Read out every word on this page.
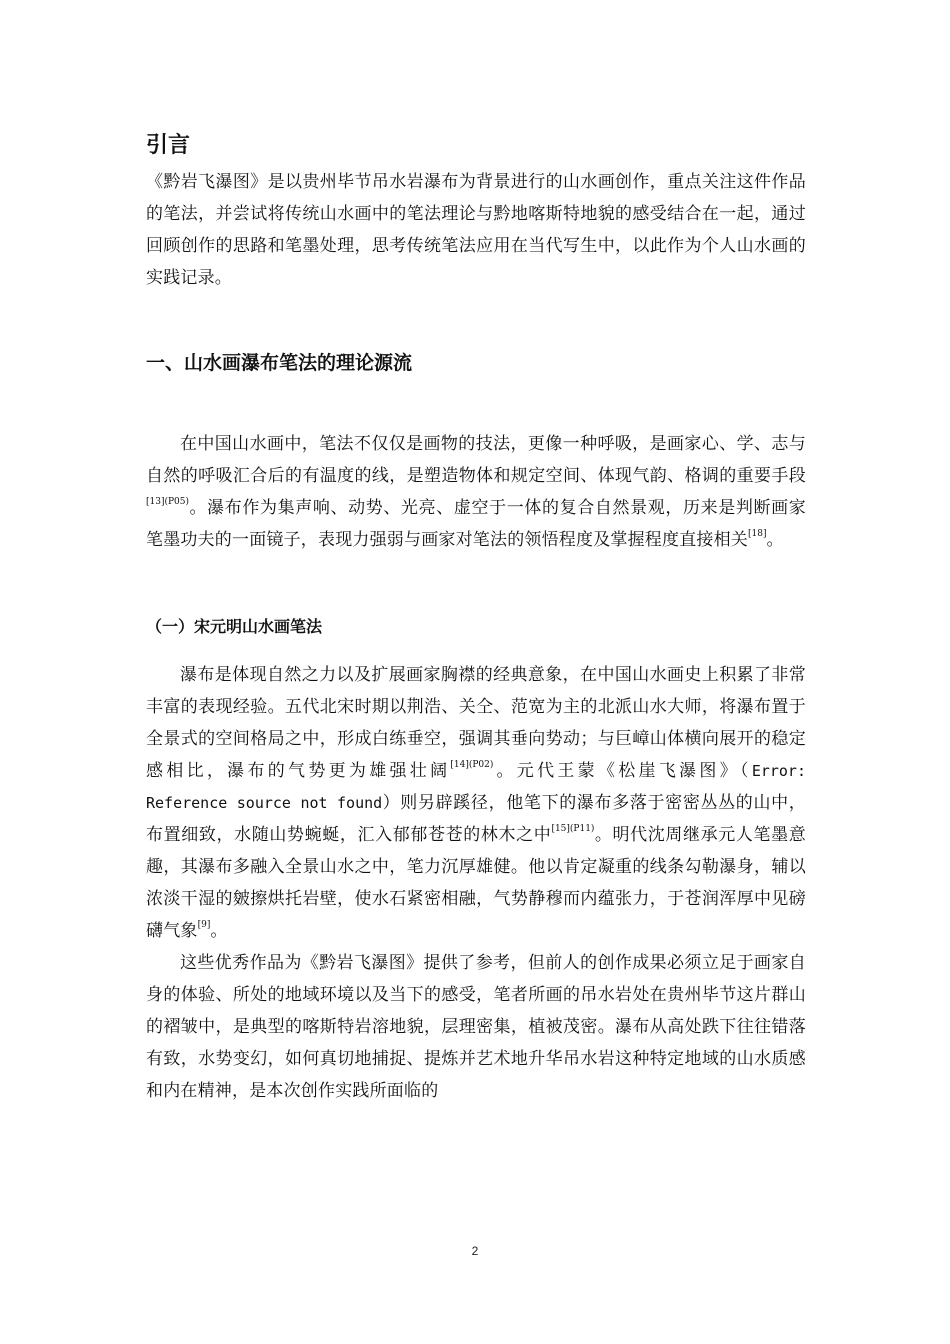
引言

《黔岩飞瀑图》是以贵州毕节吊水岩瀑布为背景进行的山水画创作，重点关注这件作品的笔法，并尝试将传统山水画中的笔法理论与黔地喀斯特地貌的感受结合在一起，通过回顾创作的思路和笔墨处理，思考传统笔法应用在当代写生中，以此作为个人山水画的实践记录。

一、山水画瀑布笔法的理论源流

在中国山水画中，笔法不仅仅是画物的技法，更像一种呼吸，是画家心、学、志与自然的呼吸汇合后的有温度的线，是塑造物体和规定空间、体现气韵、格调的重要手段$^{[13](P05)}$。瀑布作为集声响、动势、光亮、虚空于一体的复合自然景观，历来是判断画家笔墨功夫的一面镜子，表现力强弱与画家对笔法的领悟程度及掌握程度直接相关[18]。

（一）宋元明山水画笔法

瀑布是体现自然之力以及扩展画家胸襟的经典意象，在中国山水画史上积累了非常丰富的表现经验。五代北宋时期以荆浩、关仝、范宽为主的北派山水大师，将瀑布置于全景式的空间格局之中，形成白练垂空，强调其垂向势动；与巨嶂山体横向展开的稳定感相比，瀑布的气势更为雄强壮阔$^{[14](P02)}$。元代王蒙《松崖飞瀑图》（Error: Reference source not found）则另辟蹊径，他笔下的瀑布多落于密密丛丛的山中，布置细致，水随山势蜿蜒，汇入郁郁苍苍的林木之中$^{[15](P11)}$。明代沈周继承元人笔墨意趣，其瀑布多融入全景山水之中，笔力沉厚雄健。他以肯定凝重的线条勾勒瀑身，辅以浓淡干湿的皴擦烘托岩壁，使水石紧密相融，气势静穆而内蕴张力，于苍润浑厚中见磅礴气象[9]。

这些优秀作品为《黔岩飞瀑图》提供了参考，但前人的创作成果必须立足于画家自身的体验、所处的地域环境以及当下的感受，笔者所画的吊水岩处在贵州毕节这片群山的褶皱中，是典型的喀斯特岩溶地貌，层理密集，植被茂密。瀑布从高处跌下往往错落有致，水势变幻，如何真切地捕捉、提炼并艺术地升华吊水岩这种特定地域的山水质感和内在精神，是本次创作实践所面临的

2
